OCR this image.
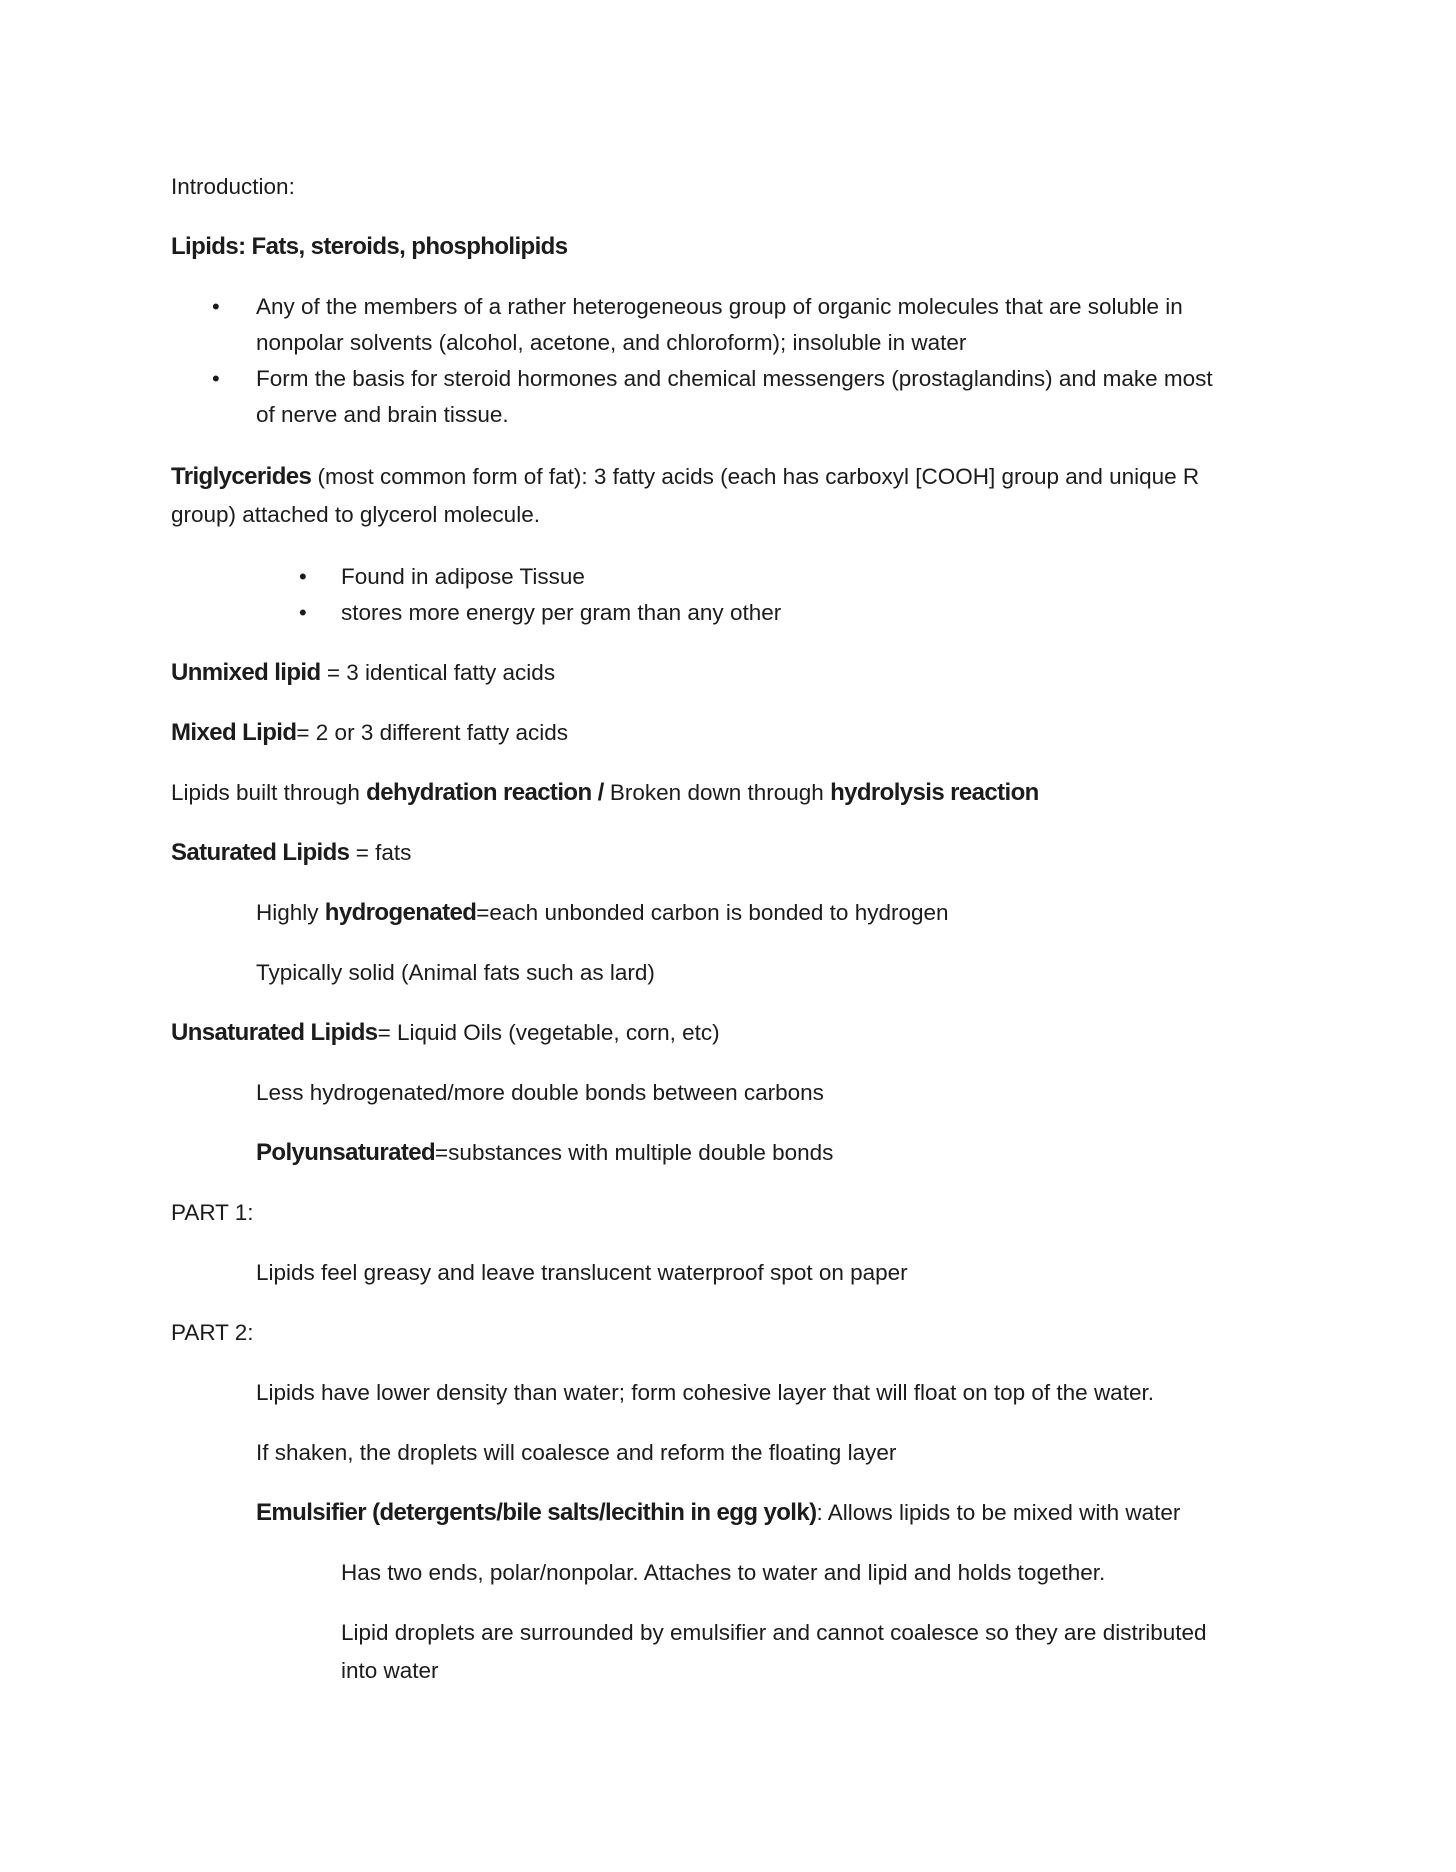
Introduction:
Lipids: Fats, steroids, phospholipids
• Any of the members of a rather heterogeneous group of organic molecules that are soluble in
nonpolar solvents (alcohol, acetone, and chloroform); insoluble in water
• Form the basis for steroid hormones and chemical messengers (prostaglandins) and make most
of nerve and brain tissue.
Triglycerides (most common form of fat): 3 fatty acids (each has carboxyl [COOH] group and unique R
group) attached to glycerol molecule.
• Found in adipose Tissue
• stores more energy per gram than any other
Unmixed lipid = 3 identical fatty acids
Mixed Lipid= 2 or 3 different fatty acids
Lipids built through dehydration reaction / Broken down through hydrolysis reaction
Saturated Lipids = fats
Highly hydrogenated=each unbonded carbon is bonded to hydrogen
Typically solid (Animal fats such as lard)
Unsaturated Lipids= Liquid Oils (vegetable, corn, etc)
Less hydrogenated/more double bonds between carbons
Polyunsaturated=substances with multiple double bonds
PART 1:
Lipids feel greasy and leave translucent waterproof spot on paper
PART 2:
Lipids have lower density than water; form cohesive layer that will float on top of the water.
If shaken, the droplets will coalesce and reform the floating layer
Emulsifier (detergents/bile salts/lecithin in egg yolk): Allows lipids to be mixed with water
Has two ends, polar/nonpolar. Attaches to water and lipid and holds together.
Lipid droplets are surrounded by emulsifier and cannot coalesce so they are distributed
into water
